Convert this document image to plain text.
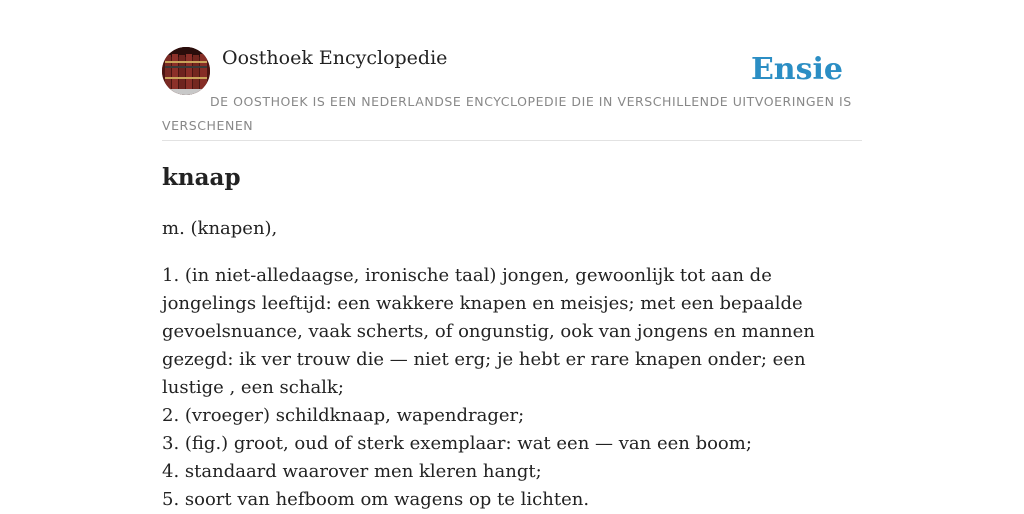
Oosthoek Encyclopedie	Ensie
DE OOSTHOEK IS EEN NEDERLANDSE ENCYCLOPEDIE DIE IN VERSCHILLENDE UITVOERINGEN IS VERSCHENEN
knaap

m. (knapen),

1. (in niet-alledaagse, ironische taal) jongen, gewoonlijk tot aan de jongelings leeftijd: een wakkere knapen en meisjes; met een bepaalde gevoelsnuance, vaak scherts, of ongunstig, ook van jongens en mannen gezegd: ik ver trouw die — niet erg; je hebt er rare knapen onder; een lustige , een schalk;
2. (vroeger) schildknaap, wapendrager;
3. (fig.) groot, oud of sterk exemplaar: wat een — van een boom;
4. standaard waarover men kleren hangt;
5. soort van hefboom om wagens op te lichten.
